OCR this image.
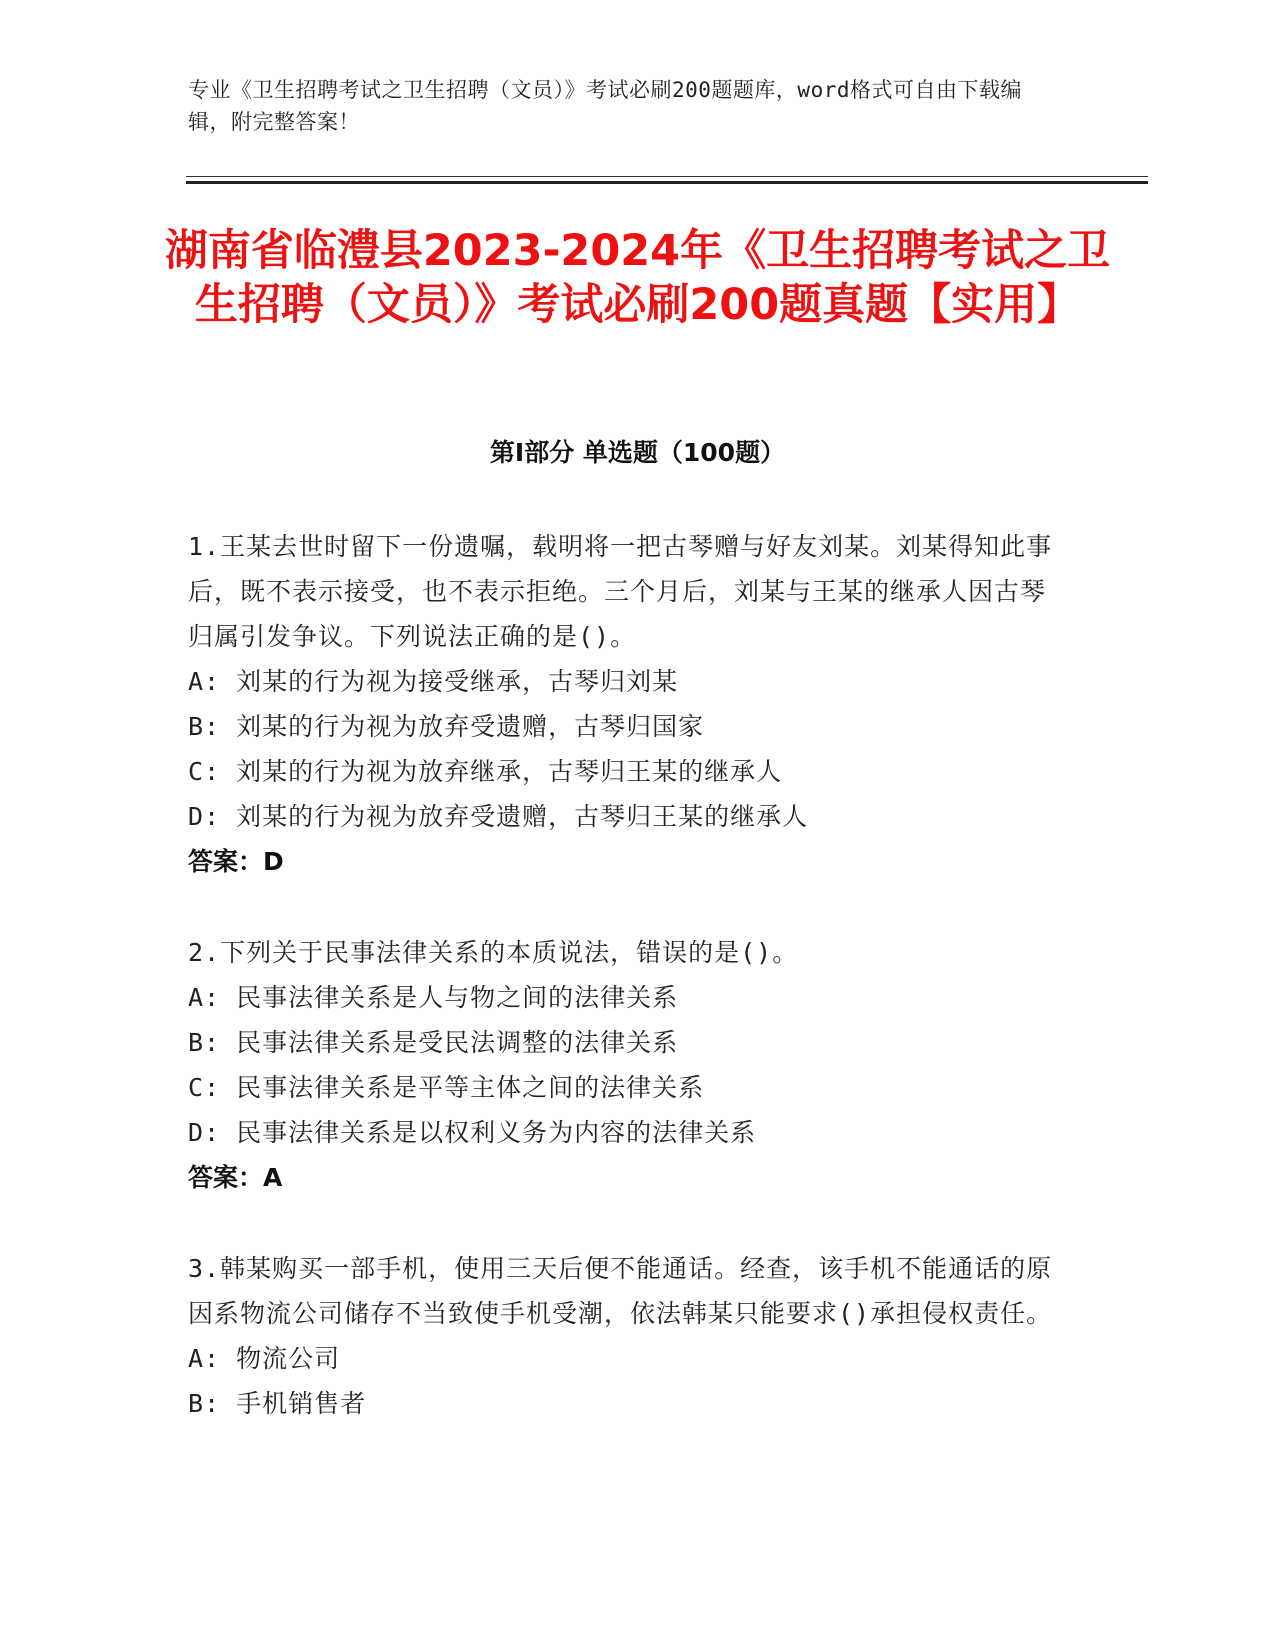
专业《卫生招聘考试之卫生招聘（文员）》考试必刷200题题库，word格式可自由下载编辑，附完整答案！
湖南省临澧县2023-2024年《卫生招聘考试之卫生招聘（文员）》考试必刷200题真题【实用】
第Ⅰ部分 单选题（100题）
1.王某去世时留下一份遗嘱，载明将一把古琴赠与好友刘某。刘某得知此事后，既不表示接受，也不表示拒绝。三个月后，刘某与王某的继承人因古琴归属引发争议。下列说法正确的是()。
A: 刘某的行为视为接受继承，古琴归刘某
B: 刘某的行为视为放弃受遗赠，古琴归国家
C: 刘某的行为视为放弃继承，古琴归王某的继承人
D: 刘某的行为视为放弃受遗赠，古琴归王某的继承人
答案：D
2.下列关于民事法律关系的本质说法，错误的是()。
A: 民事法律关系是人与物之间的法律关系
B: 民事法律关系是受民法调整的法律关系
C: 民事法律关系是平等主体之间的法律关系
D: 民事法律关系是以权利义务为内容的法律关系
答案：A
3.韩某购买一部手机，使用三天后便不能通话。经查，该手机不能通话的原因系物流公司储存不当致使手机受潮，依法韩某只能要求()承担侵权责任。
A: 物流公司
B: 手机销售者
